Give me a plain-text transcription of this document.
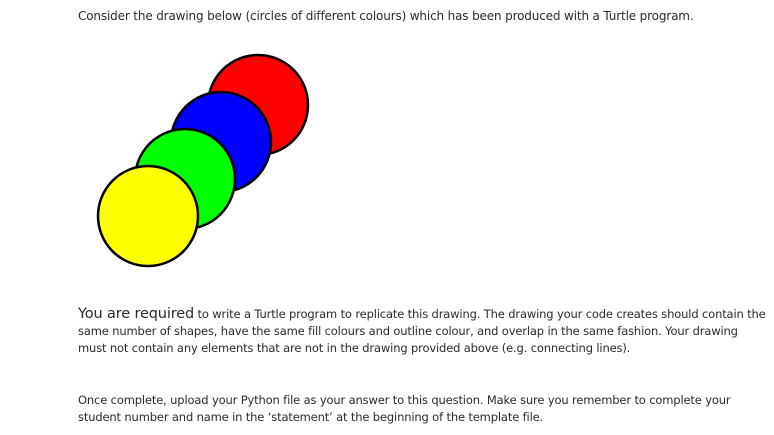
Consider the drawing below (circles of different colours) which has been produced with a Turtle program.
You are required to write a Turtle program to replicate this drawing. The drawing your code creates should contain the same number of shapes, have the same fill colours and outline colour, and overlap in the same fashion. Your drawing must not contain any elements that are not in the drawing provided above (e.g. connecting lines).
Once complete, upload your Python file as your answer to this question. Make sure you remember to complete your student number and name in the ‘statement’ at the beginning of the template file.
